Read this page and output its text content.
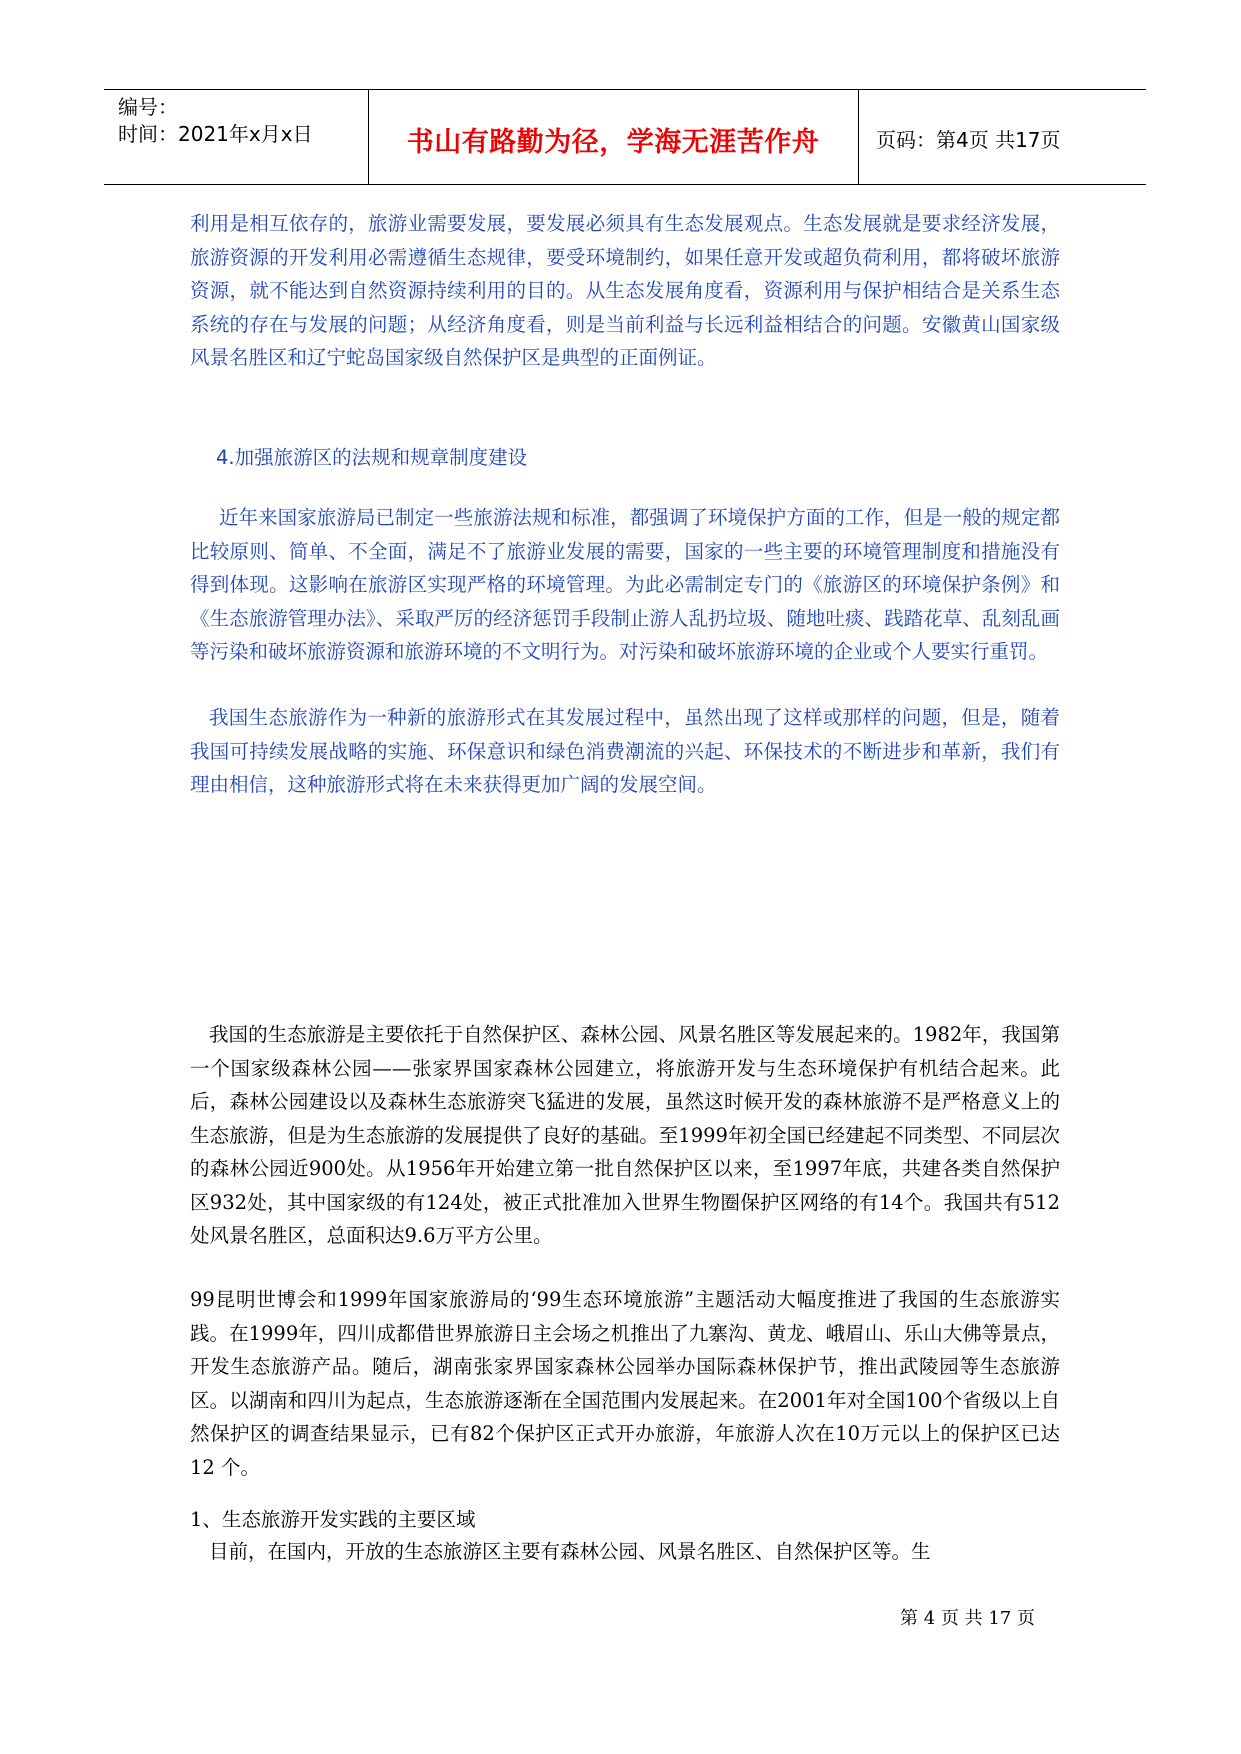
编号：
时间：2021年x月x日	书山有路勤为径，学海无涯苦作舟	页码：第4页 共17页
利用是相互依存的，旅游业需要发展，要发展必须具有生态发展观点。生态发展就是要求经济发展，旅游资源的开发利用必需遵循生态规律，要受环境制约，如果任意开发或超负荷利用，都将破坏旅游资源，就不能达到自然资源持续利用的目的。从生态发展角度看，资源利用与保护相结合是关系生态系统的存在与发展的问题；从经济角度看，则是当前利益与长远利益相结合的问题。安徽黄山国家级风景名胜区和辽宁蛇岛国家级自然保护区是典型的正面例证。
4.加强旅游区的法规和规章制度建设
近年来国家旅游局已制定一些旅游法规和标准，都强调了环境保护方面的工作，但是一般的规定都比较原则、简单、不全面，满足不了旅游业发展的需要，国家的一些主要的环境管理制度和措施没有得到体现。这影响在旅游区实现严格的环境管理。为此必需制定专门的《旅游区的环境保护条例》和《生态旅游管理办法》、采取严厉的经济惩罚手段制止游人乱扔垃圾、随地吐痰、践踏花草、乱刻乱画等污染和破坏旅游资源和旅游环境的不文明行为。对污染和破坏旅游环境的企业或个人要实行重罚。
我国生态旅游作为一种新的旅游形式在其发展过程中，虽然出现了这样或那样的问题，但是，随着我国可持续发展战略的实施、环保意识和绿色消费潮流的兴起、环保技术的不断进步和革新，我们有理由相信，这种旅游形式将在未来获得更加广阔的发展空间。
我国的生态旅游是主要依托于自然保护区、森林公园、风景名胜区等发展起来的。1982年，我国第一个国家级森林公园——张家界国家森林公园建立，将旅游开发与生态环境保护有机结合起来。此后，森林公园建设以及森林生态旅游突飞猛进的发展，虽然这时候开发的森林旅游不是严格意义上的生态旅游，但是为生态旅游的发展提供了良好的基础。至1999年初全国已经建起不同类型、不同层次的森林公园近900处。从1956年开始建立第一批自然保护区以来，至1997年底，共建各类自然保护区932处，其中国家级的有124处，被正式批准加入世界生物圈保护区网络的有14个。我国共有512处风景名胜区，总面积达9.6万平方公里。
99昆明世博会和1999年国家旅游局的‘99生态环境旅游”主题活动大幅度推进了我国的生态旅游实践。在1999年，四川成都借世界旅游日主会场之机推出了九寨沟、黄龙、峨眉山、乐山大佛等景点，开发生态旅游产品。随后，湖南张家界国家森林公园举办国际森林保护节，推出武陵园等生态旅游区。以湖南和四川为起点，生态旅游逐渐在全国范围内发展起来。在2001年对全国100个省级以上自然保护区的调查结果显示，已有82个保护区正式开办旅游，年旅游人次在10万元以上的保护区已达12 个。
1、生态旅游开发实践的主要区域
目前，在国内，开放的生态旅游区主要有森林公园、风景名胜区、自然保护区等。生
第 4 页 共 17 页
